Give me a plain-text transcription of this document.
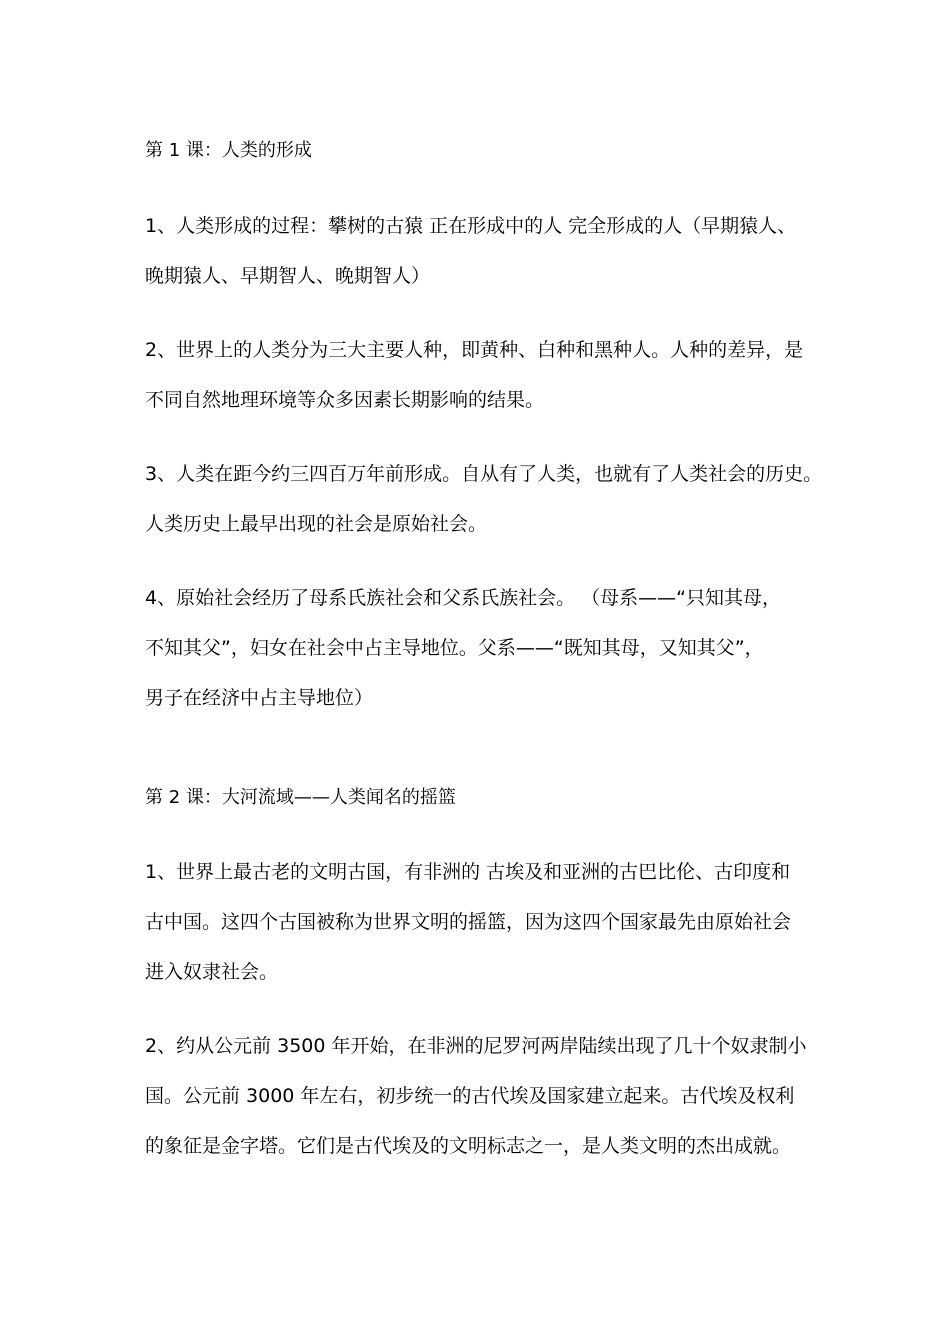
第 1 课：人类的形成
1、人类形成的过程：攀树的古猿 正在形成中的人 完全形成的人（早期猿人、
晚期猿人、早期智人、晚期智人）
2、世界上的人类分为三大主要人种，即黄种、白种和黑种人。人种的差异，是
不同自然地理环境等众多因素长期影响的结果。
3、人类在距今约三四百万年前形成。自从有了人类，也就有了人类社会的历史。
人类历史上最早出现的社会是原始社会。
4、原始社会经历了母系氏族社会和父系氏族社会。 （母系——“只知其母，
不知其父”，妇女在社会中占主导地位。父系——“既知其母，又知其父”，
男子在经济中占主导地位）
第 2 课：大河流域——人类闻名的摇篮
1、世界上最古老的文明古国，有非洲的 古埃及和亚洲的古巴比伦、古印度和
古中国。这四个古国被称为世界文明的摇篮，因为这四个国家最先由原始社会
进入奴隶社会。
2、约从公元前 3500 年开始，在非洲的尼罗河两岸陆续出现了几十个奴隶制小
国。公元前 3000 年左右，初步统一的古代埃及国家建立起来。古代埃及权利
的象征是金字塔。它们是古代埃及的文明标志之一，是人类文明的杰出成就。
